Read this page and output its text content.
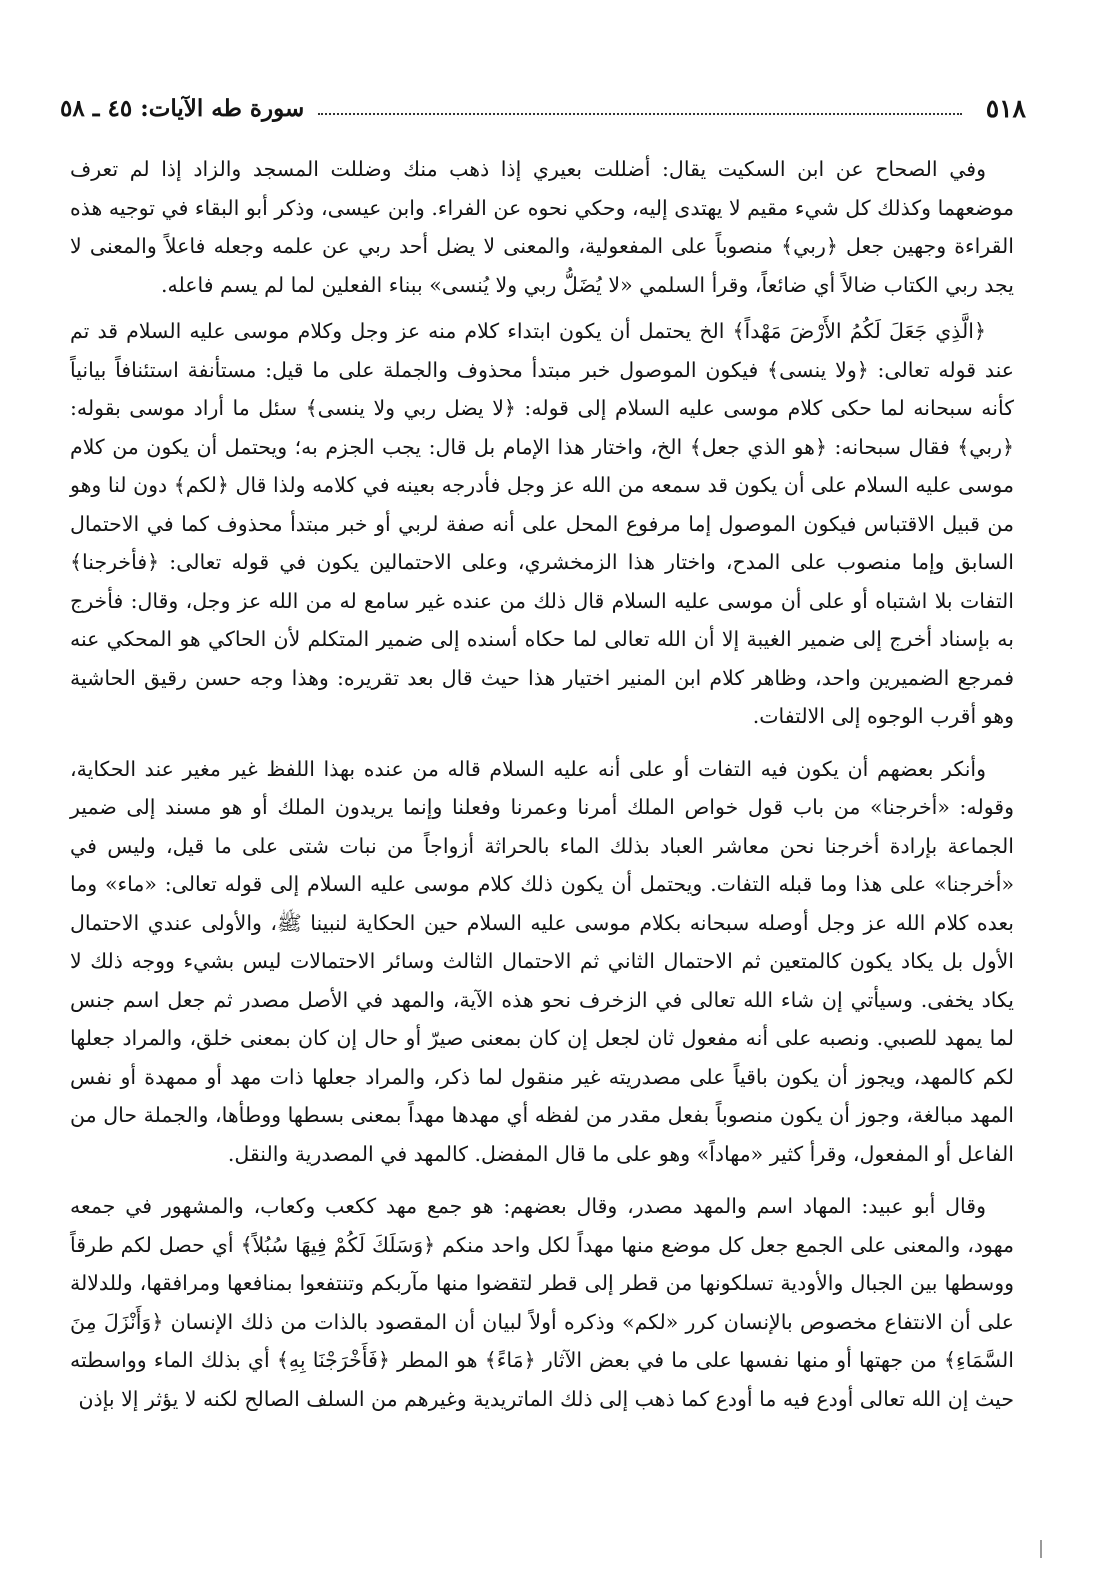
٥١٨
سورة طه الآيات: ٤٥ ـ ٥٨

وفي الصحاح عن ابن السكيت يقال: أضللت بعيري إذا ذهب منك وضللت المسجد والزاد إذا لم تعرف موضعهما وكذلك كل شيء مقيم لا يهتدى إليه، وحكي نحوه عن الفراء. وابن عيسى، وذكر أبو البقاء في توجيه هذه القراءة وجهين جعل ﴿ربي﴾ منصوباً على المفعولية، والمعنى لا يضل أحد ربي عن علمه وجعله فاعلاً والمعنى لا يجد ربي الكتاب ضالاً أي ضائعاً، وقرأ السلمي «لا يُضَلُّ ربي ولا يُنسى» ببناء الفعلين لما لم يسم فاعله.

﴿الَّذِي جَعَلَ لَكُمُ الأَرْضَ مَهْداً﴾ الخ يحتمل أن يكون ابتداء كلام منه عز وجل وكلام موسى عليه السلام قد تم عند قوله تعالى: ﴿ولا ينسى﴾ فيكون الموصول خبر مبتدأ محذوف والجملة على ما قيل: مستأنفة استئنافاً بيانياً كأنه سبحانه لما حكى كلام موسى عليه السلام إلى قوله: ﴿لا يضل ربي ولا ينسى﴾ سئل ما أراد موسى بقوله: ﴿ربي﴾ فقال سبحانه: ﴿هو الذي جعل﴾ الخ، واختار هذا الإمام بل قال: يجب الجزم به؛ ويحتمل أن يكون من كلام موسى عليه السلام على أن يكون قد سمعه من الله عز وجل فأدرجه بعينه في كلامه ولذا قال ﴿لكم﴾ دون لنا وهو من قبيل الاقتباس فيكون الموصول إما مرفوع المحل على أنه صفة لربي أو خبر مبتدأ محذوف كما في الاحتمال السابق وإما منصوب على المدح، واختار هذا الزمخشري، وعلى الاحتمالين يكون في قوله تعالى: ﴿فأخرجنا﴾ التفات بلا اشتباه أو على أن موسى عليه السلام قال ذلك من عنده غير سامع له من الله عز وجل، وقال: فأخرج به بإسناد أخرج إلى ضمير الغيبة إلا أن الله تعالى لما حكاه أسنده إلى ضمير المتكلم لأن الحاكي هو المحكي عنه فمرجع الضميرين واحد، وظاهر كلام ابن المنير اختيار هذا حيث قال بعد تقريره: وهذا وجه حسن رقيق الحاشية وهو أقرب الوجوه إلى الالتفات.

وأنكر بعضهم أن يكون فيه التفات أو على أنه عليه السلام قاله من عنده بهذا اللفظ غير مغير عند الحكاية، وقوله: «أخرجنا» من باب قول خواص الملك أمرنا وعمرنا وفعلنا وإنما يريدون الملك أو هو مسند إلى ضمير الجماعة بإرادة أخرجنا نحن معاشر العباد بذلك الماء بالحراثة أزواجاً من نبات شتى على ما قيل، وليس في «أخرجنا» على هذا وما قبله التفات. ويحتمل أن يكون ذلك كلام موسى عليه السلام إلى قوله تعالى: «ماء» وما بعده كلام الله عز وجل أوصله سبحانه بكلام موسى عليه السلام حين الحكاية لنبينا ﷺ، والأولى عندي الاحتمال الأول بل يكاد يكون كالمتعين ثم الاحتمال الثاني ثم الاحتمال الثالث وسائر الاحتمالات ليس بشيء ووجه ذلك لا يكاد يخفى. وسيأتي إن شاء الله تعالى في الزخرف نحو هذه الآية، والمهد في الأصل مصدر ثم جعل اسم جنس لما يمهد للصبي. ونصبه على أنه مفعول ثان لجعل إن كان بمعنى صيرّ أو حال إن كان بمعنى خلق، والمراد جعلها لكم كالمهد، ويجوز أن يكون باقياً على مصدريته غير منقول لما ذكر، والمراد جعلها ذات مهد أو ممهدة أو نفس المهد مبالغة، وجوز أن يكون منصوباً بفعل مقدر من لفظه أي مهدها مهداً بمعنى بسطها ووطأها، والجملة حال من الفاعل أو المفعول، وقرأ كثير «مهاداً» وهو على ما قال المفضل. كالمهد في المصدرية والنقل.

وقال أبو عبيد: المهاد اسم والمهد مصدر، وقال بعضهم: هو جمع مهد ككعب وكعاب، والمشهور في جمعه مهود، والمعنى على الجمع جعل كل موضع منها مهداً لكل واحد منكم ﴿وَسَلَكَ لَكُمْ فِيهَا سُبُلاً﴾ أي حصل لكم طرقاً ووسطها بين الجبال والأودية تسلكونها من قطر إلى قطر لتقضوا منها مآربكم وتنتفعوا بمنافعها ومرافقها، وللدلالة على أن الانتفاع مخصوص بالإنسان كرر «لكم» وذكره أولاً لبيان أن المقصود بالذات من ذلك الإنسان ﴿وَأَنْزَلَ مِنَ السَّمَاءِ﴾ من جهتها أو منها نفسها على ما في بعض الآثار ﴿مَاءً﴾ هو المطر ﴿فَأَخْرَجْنَا بِهِ﴾ أي بذلك الماء وواسطته حيث إن الله تعالى أودع فيه ما أودع كما ذهب إلى ذلك الماتريدية وغيرهم من السلف الصالح لكنه لا يؤثر إلا بإذن
